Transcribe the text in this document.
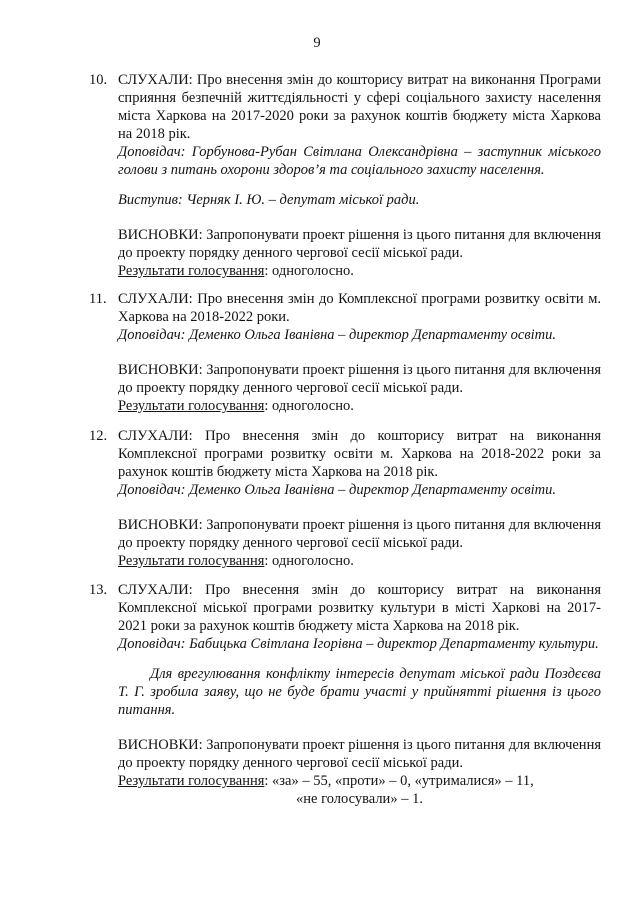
9
10. СЛУХАЛИ: Про внесення змін до кошторису витрат на виконання Програми сприяння безпечній життєдіяльності у сфері соціального захисту населення міста Харкова на 2017-2020 роки за рахунок коштів бюджету міста Харкова на 2018 рік.

Доповідач: Горбунова-Рубан Світлана Олександрівна – заступник міського голови з питань охорони здоров’я та соціального захисту населення.

Виступив: Черняк І. Ю. – депутат міської ради.

ВИСНОВКИ: Запропонувати проект рішення із цього питання для включення до проекту порядку денного чергової сесії міської ради.

Результати голосування: одноголосно.

11. СЛУХАЛИ: Про внесення змін до Комплексної програми розвитку освіти м. Харкова на 2018-2022 роки.

Доповідач: Деменко Ольга Іванівна – директор Департаменту освіти.

ВИСНОВКИ: Запропонувати проект рішення із цього питання для включення до проекту порядку денного чергової сесії міської ради.

Результати голосування: одноголосно.

12. СЛУХАЛИ: Про внесення змін до кошторису витрат на виконання Комплексної програми розвитку освіти м. Харкова на 2018-2022 роки за рахунок коштів бюджету міста Харкова на 2018 рік.

Доповідач: Деменко Ольга Іванівна – директор Департаменту освіти.

ВИСНОВКИ: Запропонувати проект рішення із цього питання для включення до проекту порядку денного чергової сесії міської ради.

Результати голосування: одноголосно.

13. СЛУХАЛИ: Про внесення змін до кошторису витрат на виконання Комплексної міської програми розвитку культури в місті Харкові на 2017-2021 роки за рахунок коштів бюджету міста Харкова на 2018 рік.

Доповідач: Бабицька Світлана Ігорівна – директор Департаменту культури.

Для врегулювання конфлікту інтересів депутат міської ради Поздєєва Т. Г. зробила заяву, що не буде брати участі у прийнятті рішення із цього питання.

ВИСНОВКИ: Запропонувати проект рішення із цього питання для включення до проекту порядку денного чергової сесії міської ради.

Результати голосування: «за» – 55, «проти» – 0, «утрималися» – 11,

«не голосували» – 1.
